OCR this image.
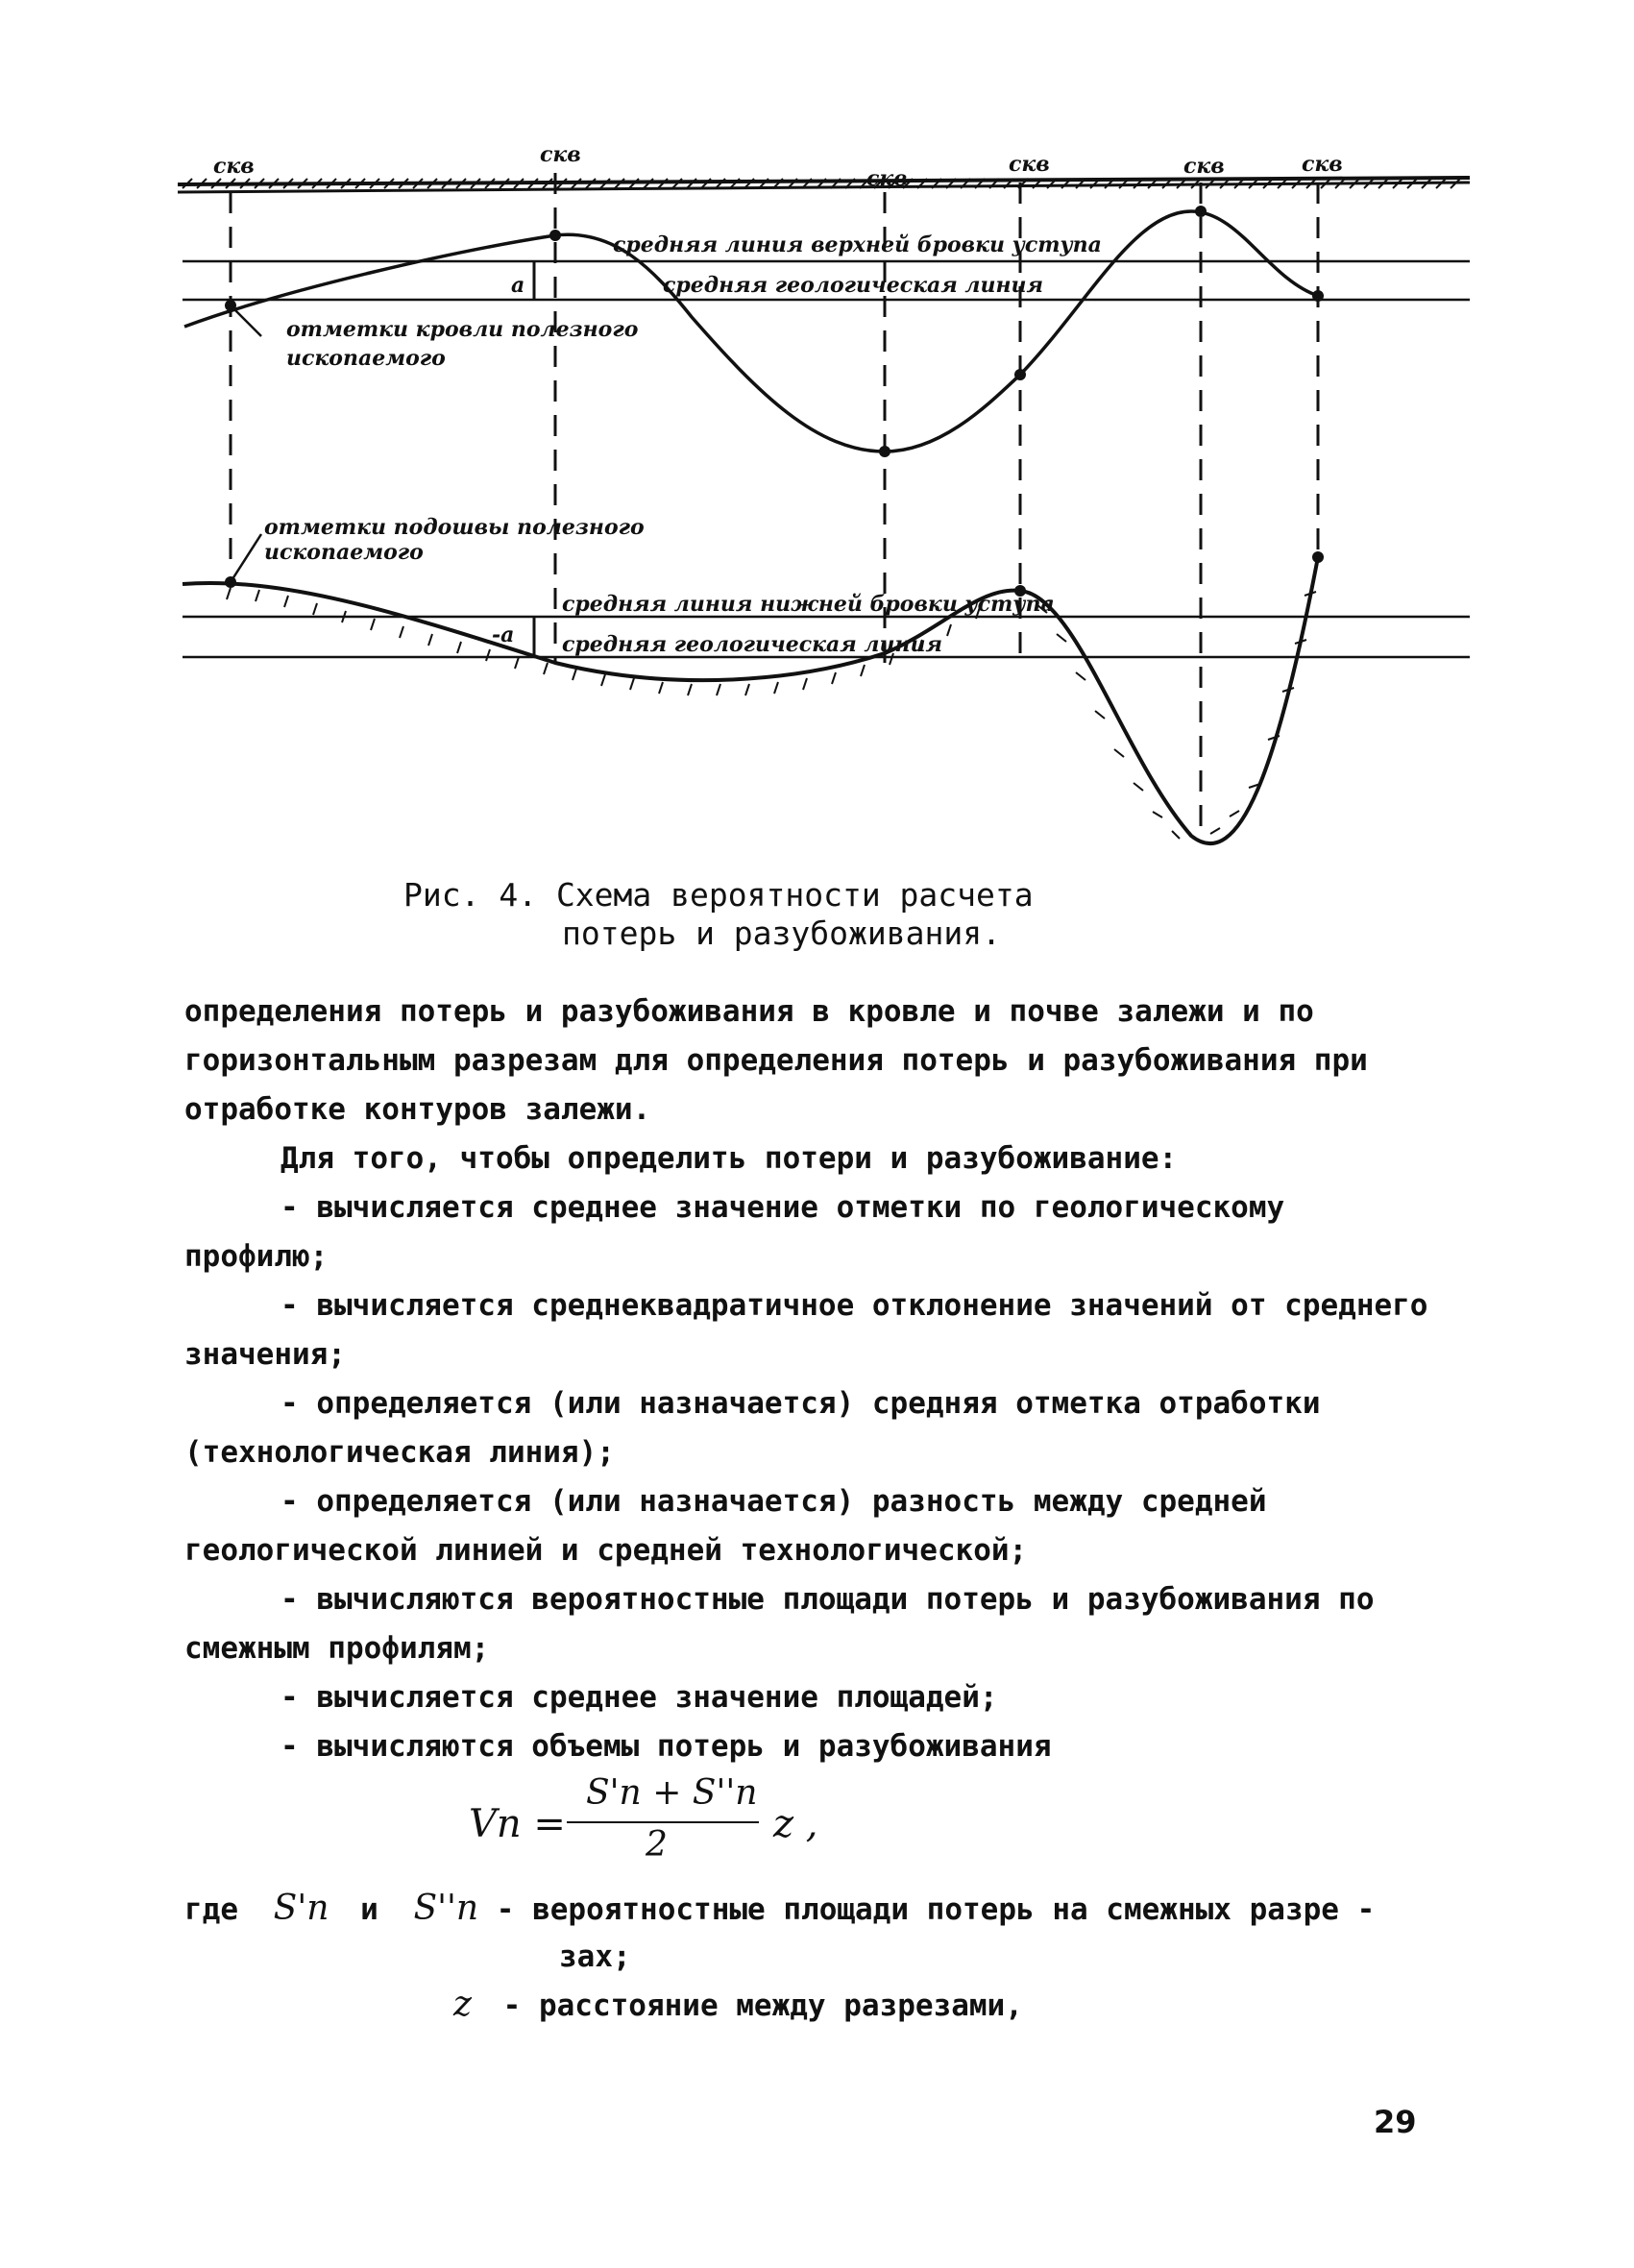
скв	скв
скв
скв	скв	скв
а
-а
средняя линия верхней бровки уступа
средняя геологическая линия
отметки кровли полезного
ископаемого
отметки подошвы полезного
ископаемого
средняя линия нижней бровки уступа
средняя геологическая линия
Рис. 4. Схема вероятности расчета
потерь и разубоживания.

определения потерь и разубоживания в кровле и почве залежи и по горизонтальным разрезам для определения потерь и разубоживания при отработке контуров залежи.

Для того, чтобы определить потери и разубоживание:

- вычисляется среднее значение отметки по геологическому профилю;

- вычисляется среднеквадратичное отклонение значений от среднего значения;

- определяется (или назначается) средняя отметка отработки (технологическая линия);

- определяется (или назначается) разность между средней геологической линией и средней технологической;

- вычисляются вероятностные площади потерь и разубоживания по смежным профилям;

- вычисляется среднее значение площадей;

- вычисляются объемы потерь и разубоживания

Vn =
S'n + S''n
2	z ,
где S'n и S''n - вероятностные площади потерь на смежных разре -
зах;
z - расстояние между разрезами,
29
